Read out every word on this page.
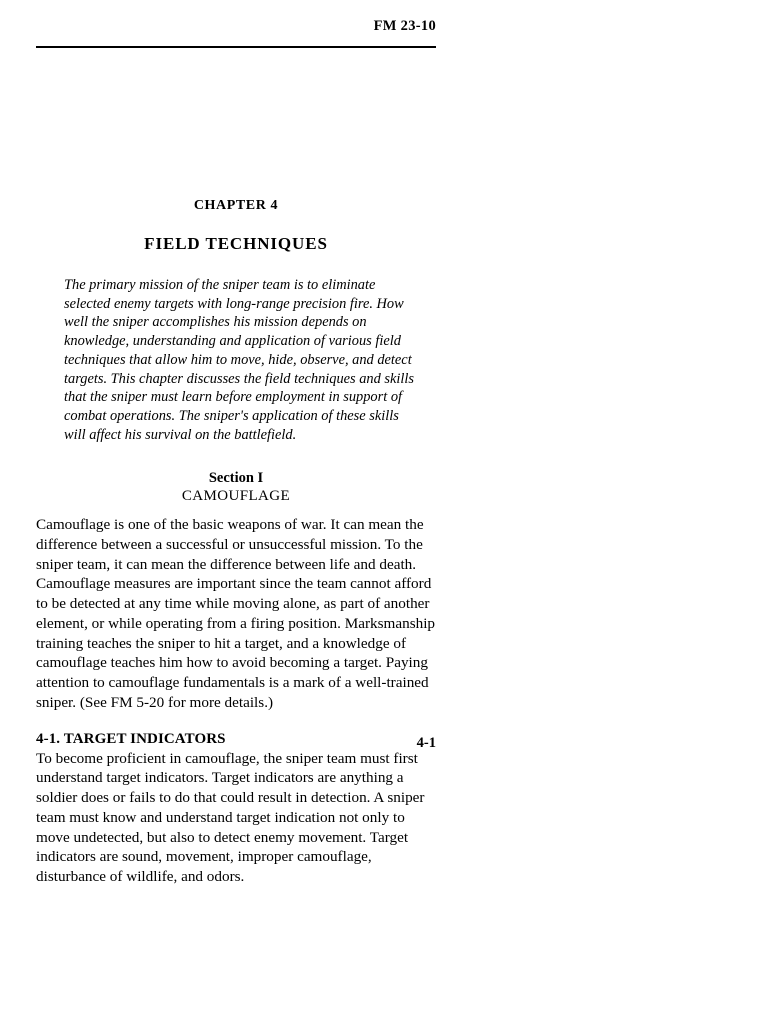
FM 23-10
CHAPTER 4
FIELD TECHNIQUES

The primary mission of the sniper team is to eliminate selected enemy targets with long-range precision fire. How well the sniper accomplishes his mission depends on knowledge, understanding and application of various field techniques that allow him to move, hide, observe, and detect targets. This chapter discusses the field techniques and skills that the sniper must learn before employment in support of combat operations. The sniper's application of these skills will affect his survival on the battlefield.

Section I
CAMOUFLAGE

Camouflage is one of the basic weapons of war. It can mean the difference between a successful or unsuccessful mission. To the sniper team, it can mean the difference between life and death. Camouflage measures are important since the team cannot afford to be detected at any time while moving alone, as part of another element, or while operating from a firing position. Marksmanship training teaches the sniper to hit a target, and a knowledge of camouflage teaches him how to avoid becoming a target. Paying attention to camouflage fundamentals is a mark of a well-trained sniper. (See FM 5-20 for more details.)

4-1. TARGET INDICATORS

To become proficient in camouflage, the sniper team must first understand target indicators. Target indicators are anything a soldier does or fails to do that could result in detection. A sniper team must know and understand target indication not only to move undetected, but also to detect enemy movement. Target indicators are sound, movement, improper camouflage, disturbance of wildlife, and odors.

4-1
